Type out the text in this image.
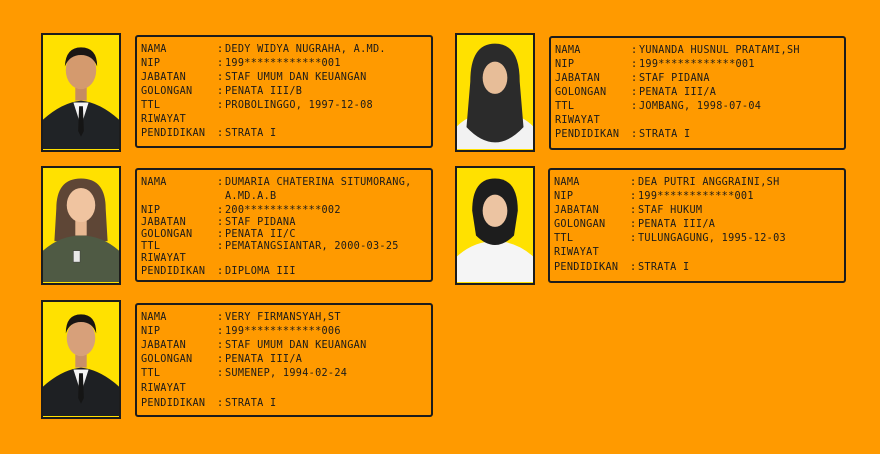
NAMA	: DEDY WIDYA NUGRAHA, A.MD.
NIP	: 199************001
JABATAN	: STAF UMUM DAN KEUANGAN
GOLONGAN : PENATA III/B
TTL	: PROBOLINGGO, 1997-12-08
RIWAYAT
PENDIDIKAN : STRATA I
NAMA	: YUNANDA HUSNUL PRATAMI,SH
NIP	: 199************001
JABATAN	: STAF PIDANA
GOLONGAN : PENATA III/A
TTL	: JOMBANG, 1998-07-04
RIWAYAT
PENDIDIKAN : STRATA I
NAMA	: DUMARIA CHATERINA SITUMORANG,
A.MD.A.B
NIP	: 200************002
JABATAN	: STAF PIDANA
GOLONGAN : PENATA II/C
TTL	: PEMATANGSIANTAR, 2000-03-25
RIWAYAT
PENDIDIKAN : DIPLOMA III
NAMA	: DEA PUTRI ANGGRAINI,SH
NIP	: 199************001
JABATAN	: STAF HUKUM
GOLONGAN : PENATA III/A
TTL	: TULUNGAGUNG, 1995-12-03
RIWAYAT
PENDIDIKAN : STRATA I
NAMA	: VERY FIRMANSYAH,ST
NIP	: 199************006
JABATAN	: STAF UMUM DAN KEUANGAN
GOLONGAN : PENATA III/A
TTL	: SUMENEP, 1994-02-24
RIWAYAT
PENDIDIKAN : STRATA I
